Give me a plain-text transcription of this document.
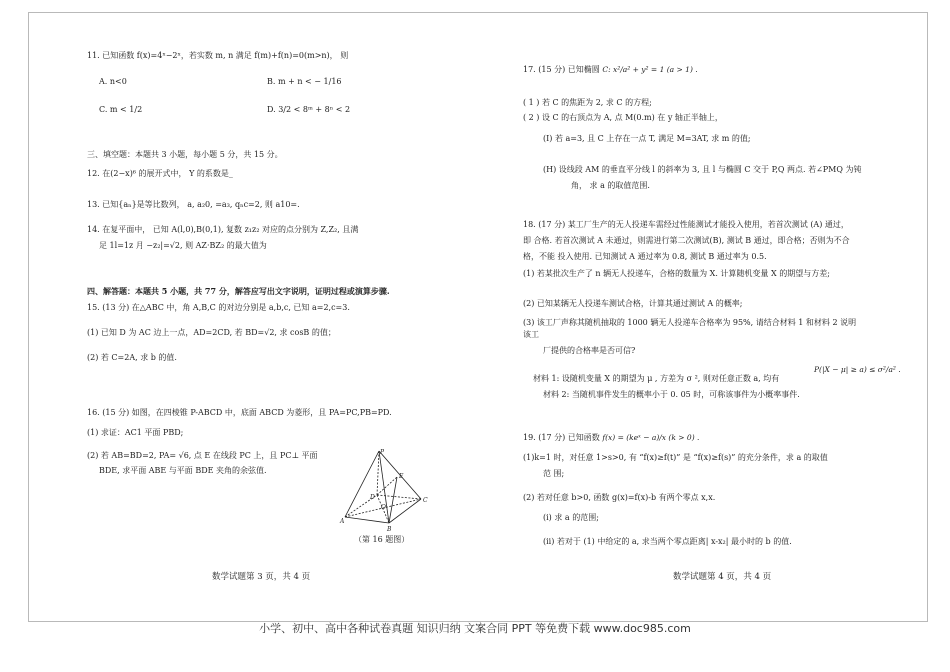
11. 已知函数 f(x)=4ˣ−2ˣ，若实数 m, n 满足 f(m)+f(n)=0(m>n)， 则
A. n<0	B. m + n < − 1/16
C. m < 1/2	D. 3/2 < 8ᵐ + 8ⁿ < 2
三、填空题：本题共 3 小题，每小题 5 分，共 15 分。
12. 在(2−x)⁶ 的展开式中， Y 的系数是_
13. 已知{aₙ}是等比数列， a, a₂0, =a₃, qₙc=2, 则 a10=.
14. 在复平面中， 已知 A(l,0),B(0,1), 复数 z₁z₂ 对应的点分别为 Z,Z₂, 且满
足 1l=1z 月 −z₂|=√2, 则 AZ·BZ₂ 的最大值为
四、解答题：本题共 5 小题，共 77 分，解答应写出文字说明，证明过程或演算步骤.
15. (13 分) 在△ABC 中，角 A,B,C 的对边分别是 a,b,c, 已知 a=2,c=3.
(1) 已知 D 为 AC 边上一点，AD=2CD, 若 BD=√2, 求 cosB 的值；
(2) 若 C=2A, 求 b 的值.
16. (15 分) 如图，在四棱锥 P-ABCD 中，底面 ABCD 为菱形，且 PA=PC,PB=PD.
(1) 求证：AC1 平面 PBD;
(2) 若 AB=BD=2, PA= √6, 点 E 在线段 PC 上，且 PC⊥ 平面
BDE, 求平面 ABE 与平面 BDE 夹角的余弦值.
P
E
D	C
A
B
O
（第 16 题图）
数学试题第 3 页，共 4 页
17. (15 分) 已知椭圆 C: x²/a² + y² = 1 (a > 1) .
( 1 ) 若 C 的焦距为 2, 求 C 的方程;
( 2 ) 设 C 的右顶点为 A, 点 M(0.m) 在 y 轴正半轴上，
(I) 若 a=3, 且 C 上存在一点 T, 满足 M=3AT, 求 m 的值;
(H) 设线段 AM 的垂直平分线 l 的斜率为 3, 且 l 与椭圆 C 交于 P,Q 两点. 若∠PMQ 为钝
角， 求 a 的取值范围.
18. (17 分) 某工厂生产的无人投递车需经过性能测试才能投入使用，若首次测试 (A) 通过，
即 合格. 若首次测试 A 未通过，则需进行第二次测试(B), 测试 B 通过，即合格；否则为不合
格，不能 投入使用. 已知测试 A 通过率为 0.8, 测试 B 通过率为 0.5.
(1) 若某批次生产了 n 辆无人投递车，合格的数量为 X. 计算随机变量 X 的期望与方差;
(2) 已知某辆无人投递车测试合格，计算其通过测试 A 的概率;
(3) 该工厂声称其随机抽取的 1000 辆无人投递车合格率为 95%, 请结合材料 1 和材料 2 说明
该工
厂提供的合格率是否可信?
材料 1: 设随机变量 X 的期望为 μ , 方差为 σ ², 则对任意正数 a, 均有
P(|X − μ| ≥ a) ≤ σ²/a² .
材料 2: 当随机事件发生的概率小于 0. 05 时，可称该事件为小概率事件.
19. (17 分) 已知函数 f(x) = (keˣ − a)/x (k > 0) .
(1)k=1 时，对任意 1>s>0, 有 “f(x)≥f(t)” 是 “f(x)≥f(s)” 的充分条件，求 a 的取值
范 围;
(2) 若对任意 b>0, 函数 g(x)=f(x)-b 有两个零点 x,x.
(i) 求 a 的范围;
(ii) 若对于 (1) 中给定的 a, 求当两个零点距离| x-x₂| 最小时的 b 的值.
数学试题第 4 页，共 4 页
小学、初中、高中各种试卷真题 知识归纳 文案合同 PPT 等免费下载 www.doc985.com
